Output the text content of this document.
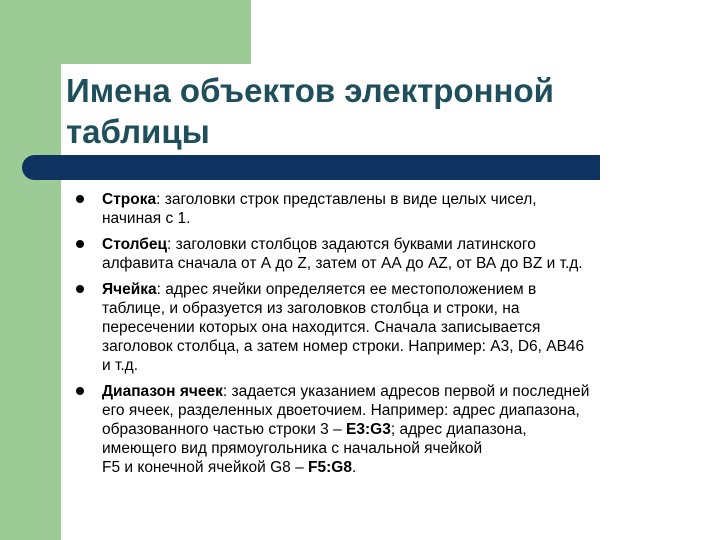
Имена объектов электронной
таблицы
Строка: заголовки строк представлены в виде целых чисел,
начиная с 1.
Столбец: заголовки столбцов задаются буквами латинского
алфавита сначала от А до Z, затем от АА до AZ, от ВА до BZ и т.д.
Ячейка: адрес ячейки определяется ее местоположением в
таблице, и образуется из заголовков столбца и строки, на
пересечении которых она находится. Сначала записывается
заголовок столбца, а затем номер строки. Например: А3, D6, АВ46
и т.д.
Диапазон ячеек: задается указанием адресов первой и последней
его ячеек, разделенных двоеточием. Например: адрес диапазона,
образованного частью строки 3 – Е3:G3; адрес диапазона,
имеющего вид прямоугольника с начальной ячейкой
F5 и конечной ячейкой G8 – F5:G8.
